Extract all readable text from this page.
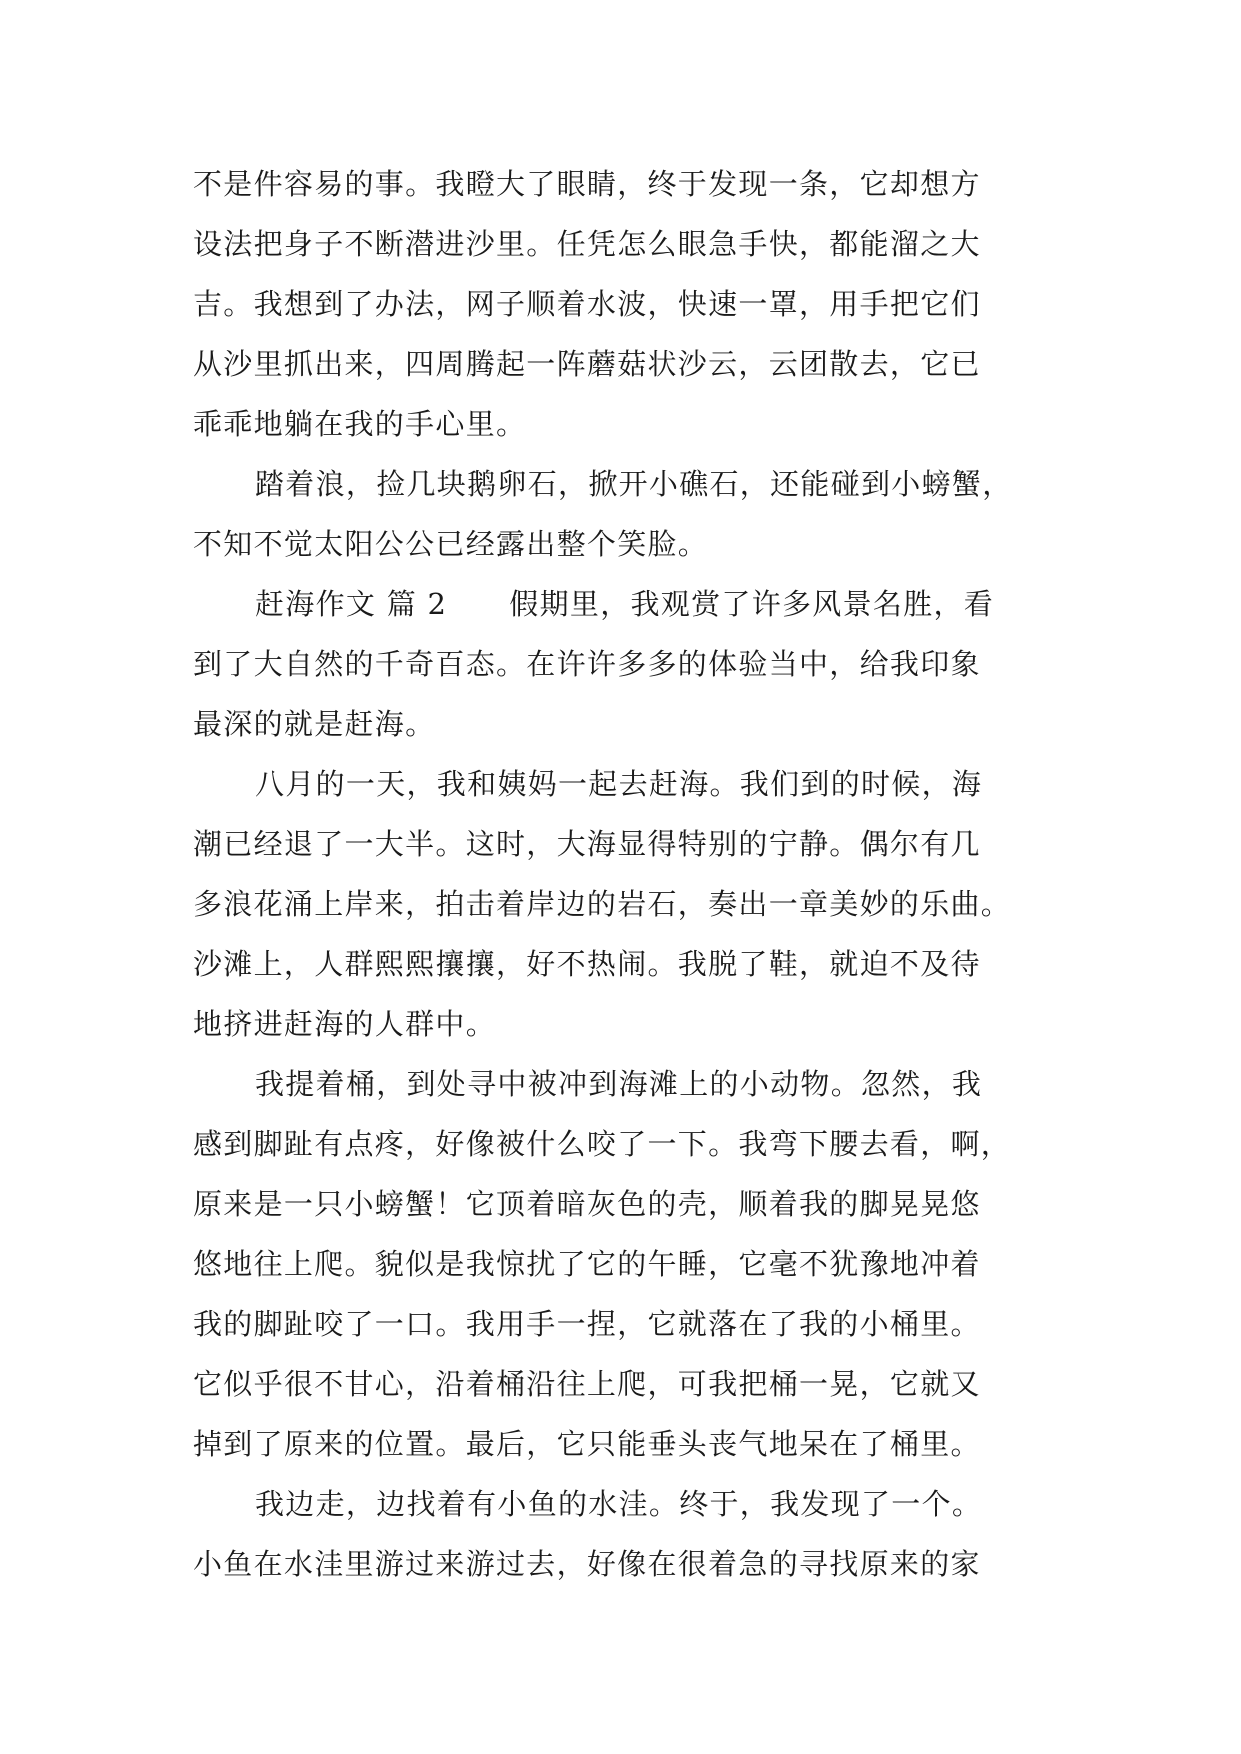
不是件容易的事。我瞪大了眼睛，终于发现一条，它却想方
设法把身子不断潜进沙里。任凭怎么眼急手快，都能溜之大
吉。我想到了办法，网子顺着水波，快速一罩，用手把它们
从沙里抓出来，四周腾起一阵蘑菇状沙云，云团散去，它已
乖乖地躺在我的手心里。
踏着浪，捡几块鹅卵石，掀开小礁石，还能碰到小螃蟹，
不知不觉太阳公公已经露出整个笑脸。
赶海作文 篇 2 假期里，我观赏了许多风景名胜，看
到了大自然的千奇百态。在许许多多的体验当中，给我印象
最深的就是赶海。
八月的一天，我和姨妈一起去赶海。我们到的时候，海
潮已经退了一大半。这时，大海显得特别的宁静。偶尔有几
多浪花涌上岸来，拍击着岸边的岩石，奏出一章美妙的乐曲。
沙滩上，人群熙熙攘攘，好不热闹。我脱了鞋，就迫不及待
地挤进赶海的人群中。
我提着桶，到处寻中被冲到海滩上的小动物。忽然，我
感到脚趾有点疼，好像被什么咬了一下。我弯下腰去看，啊，
原来是一只小螃蟹！它顶着暗灰色的壳，顺着我的脚晃晃悠
悠地往上爬。貌似是我惊扰了它的午睡，它毫不犹豫地冲着
我的脚趾咬了一口。我用手一捏，它就落在了我的小桶里。
它似乎很不甘心，沿着桶沿往上爬，可我把桶一晃，它就又
掉到了原来的位置。最后，它只能垂头丧气地呆在了桶里。
我边走，边找着有小鱼的水洼。终于，我发现了一个。
小鱼在水洼里游过来游过去，好像在很着急的寻找原来的家
